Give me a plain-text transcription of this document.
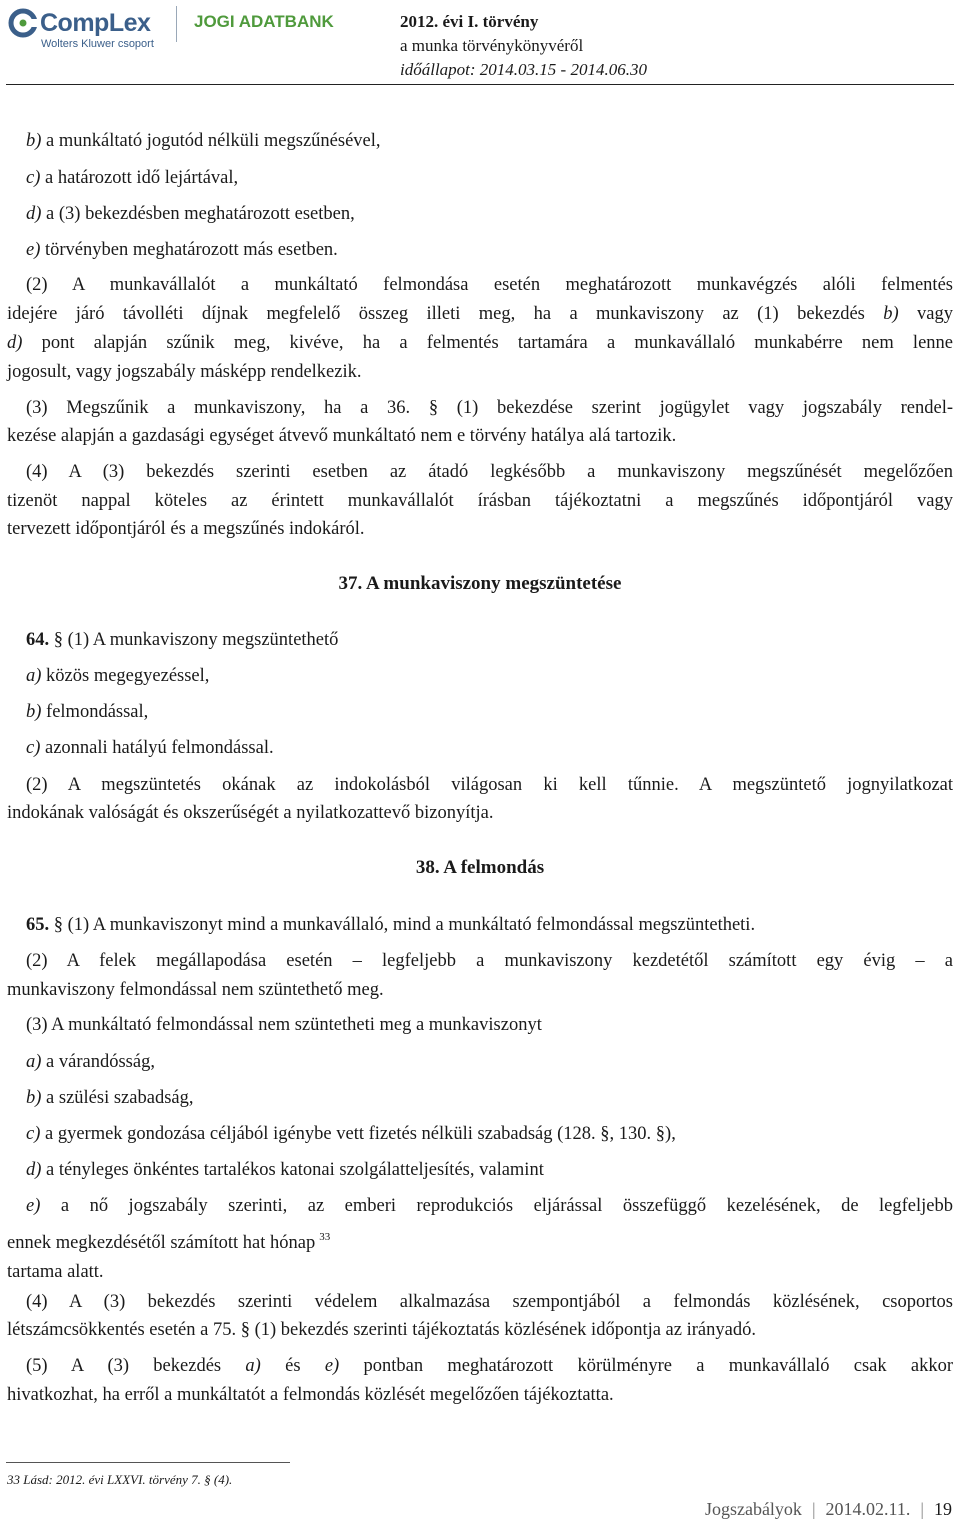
CompLex
Wolters Kluwer csoport
JOGI ADATBANK	2012. évi I. törvény
a munka törvénykönyvéről
időállapot: 2014.03.15 - 2014.06.30
b) a munkáltató jogutód nélküli megszűnésével,
c) a határozott idő lejártával,
d) a (3) bekezdésben meghatározott esetben,
e) törvényben meghatározott más esetben.
(2) A munkavállalót a munkáltató felmondása esetén meghatározott munkavégzés alóli felmentés
idejére járó távolléti díjnak megfelelő összeg illeti meg, ha a munkaviszony az (1) bekezdés b) vagy
d) pont alapján szűnik meg, kivéve, ha a felmentés tartamára a munkavállaló munkabérre nem lenne
jogosult, vagy jogszabály másképp rendelkezik.
(3) Megszűnik a munkaviszony, ha a 36. § (1) bekezdése szerint jogügylet vagy jogszabály rendel-
kezése alapján a gazdasági egységet átvevő munkáltató nem e törvény hatálya alá tartozik.
(4) A (3) bekezdés szerinti esetben az átadó legkésőbb a munkaviszony megszűnését megelőzően
tizenöt nappal köteles az érintett munkavállalót írásban tájékoztatni a megszűnés időpontjáról vagy
tervezett időpontjáról és a megszűnés indokáról.
37. A munkaviszony megszüntetése
64. § (1) A munkaviszony megszüntethető
a) közös megegyezéssel,
b) felmondással,
c) azonnali hatályú felmondással.
(2) A megszüntetés okának az indokolásból világosan ki kell tűnnie. A megszüntető jognyilatkozat
indokának valóságát és okszerűségét a nyilatkozattevő bizonyítja.
38. A felmondás
65. § (1) A munkaviszonyt mind a munkavállaló, mind a munkáltató felmondással megszüntetheti.
(2) A felek megállapodása esetén – legfeljebb a munkaviszony kezdetétől számított egy évig – a
munkaviszony felmondással nem szüntethető meg.
(3) A munkáltató felmondással nem szüntetheti meg a munkaviszonyt
a) a várandósság,
b) a szülési szabadság,
c) a gyermek gondozása céljából igénybe vett fizetés nélküli szabadság (128. §, 130. §),
d) a tényleges önkéntes tartalékos katonai szolgálatteljesítés, valamint
e) a nő jogszabály szerinti, az emberi reprodukciós eljárással összefüggő kezelésének, de legfeljebb
ennek megkezdésétől számított hat hónap $^{33}$
tartama alatt.
(4) A (3) bekezdés szerinti védelem alkalmazása szempontjából a felmondás közlésének, csoportos
létszámcsökkentés esetén a 75. § (1) bekezdés szerinti tájékoztatás közlésének időpontja az irányadó.
(5) A (3) bekezdés a) és e) pontban meghatározott körülményre a munkavállaló csak akkor
hivatkozhat, ha erről a munkáltatót a felmondás közlését megelőzően tájékoztatta.
33 Lásd: 2012. évi LXXVI. törvény 7. § (4).
Jogszabályok | 2014.02.11. | 19
